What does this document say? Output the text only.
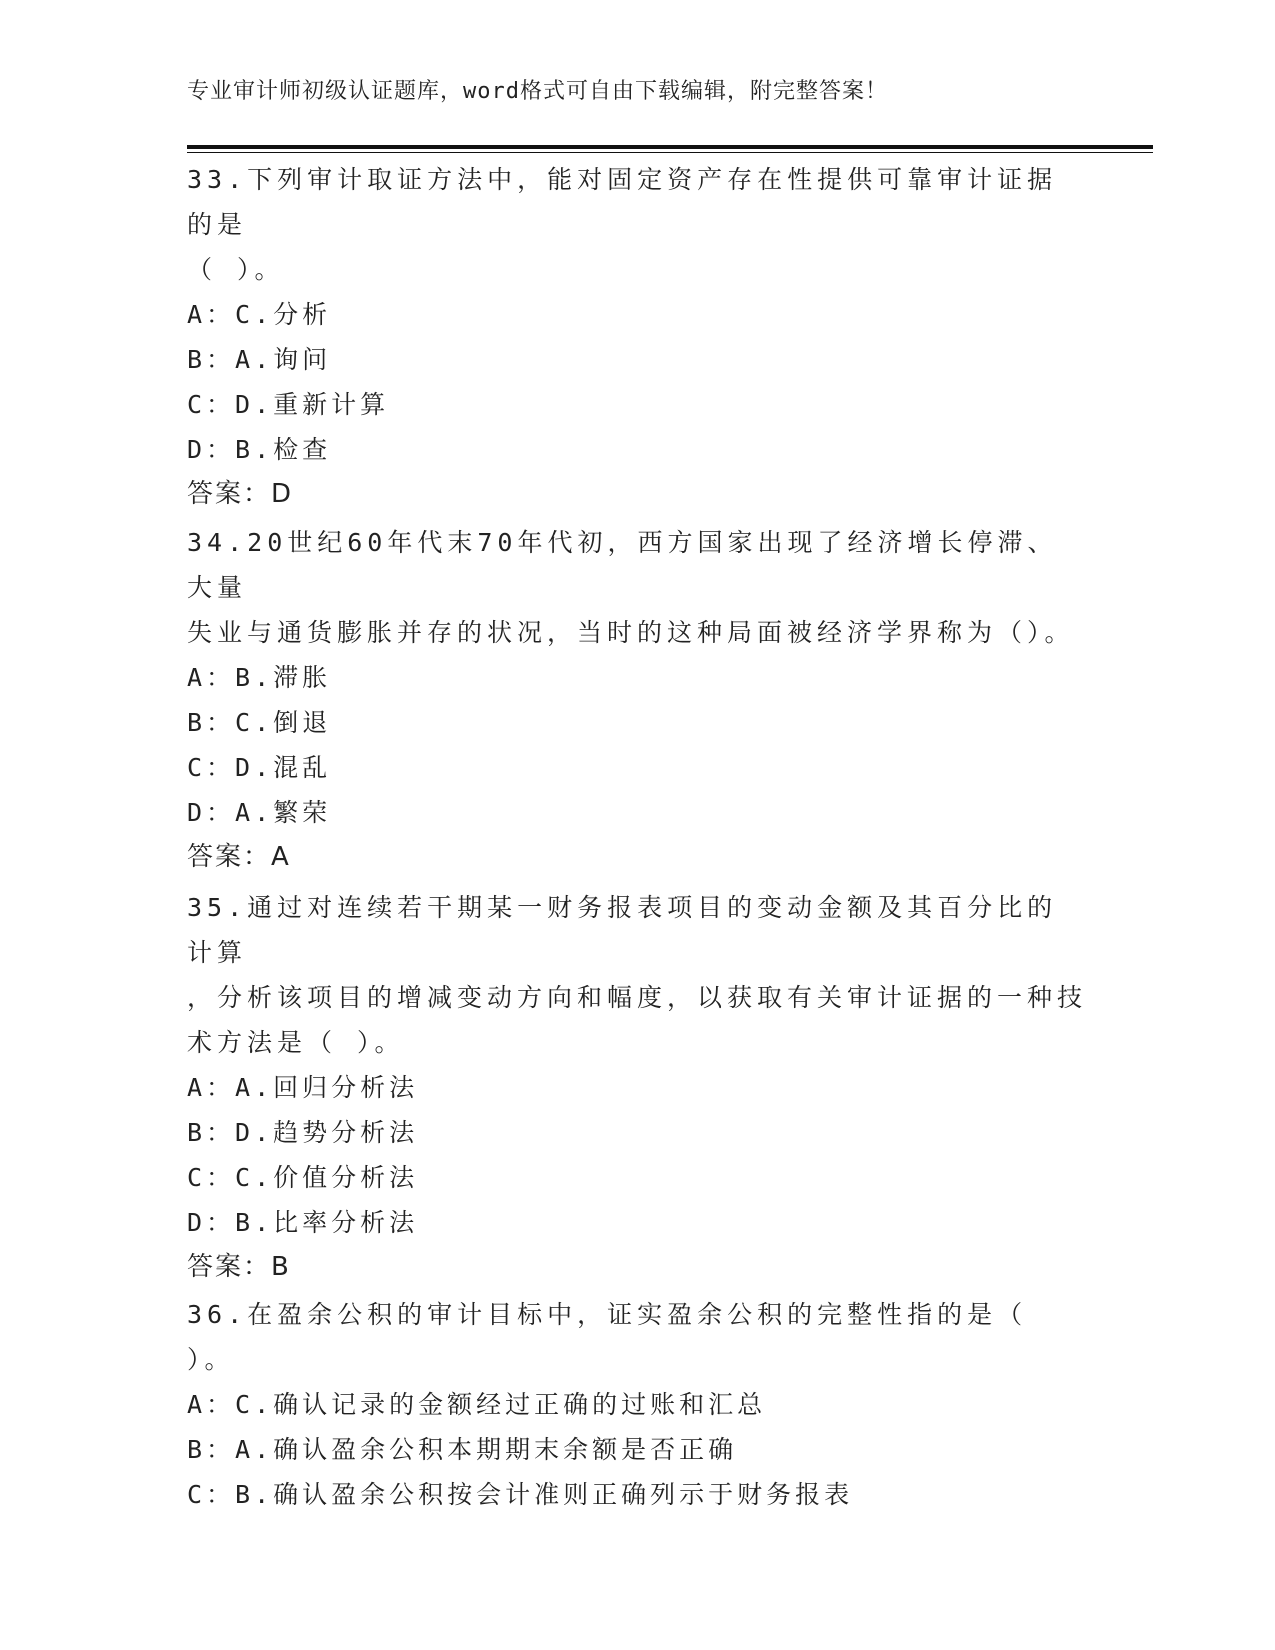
专业审计师初级认证题库，word格式可自由下载编辑，附完整答案！
33.下列审计取证方法中，能对固定资产存在性提供可靠审计证据的是
（ ）。
A：C.分析
B：A.询问
C：D.重新计算
D：B.检查
答案：D
34.20世纪60年代末70年代初，西方国家出现了经济增长停滞、大量
失业与通货膨胀并存的状况，当时的这种局面被经济学界称为（）。
A：B.滞胀
B：C.倒退
C：D.混乱
D：A.繁荣
答案：A
35.通过对连续若干期某一财务报表项目的变动金额及其百分比的计算
，分析该项目的增减变动方向和幅度，以获取有关审计证据的一种技
术方法是（ ）。
A：A.回归分析法
B：D.趋势分析法
C：C.价值分析法
D：B.比率分析法
答案：B
36.在盈余公积的审计目标中，证实盈余公积的完整性指的是（ ）。
A：C.确认记录的金额经过正确的过账和汇总
B：A.确认盈余公积本期期末余额是否正确
C：B.确认盈余公积按会计准则正确列示于财务报表
